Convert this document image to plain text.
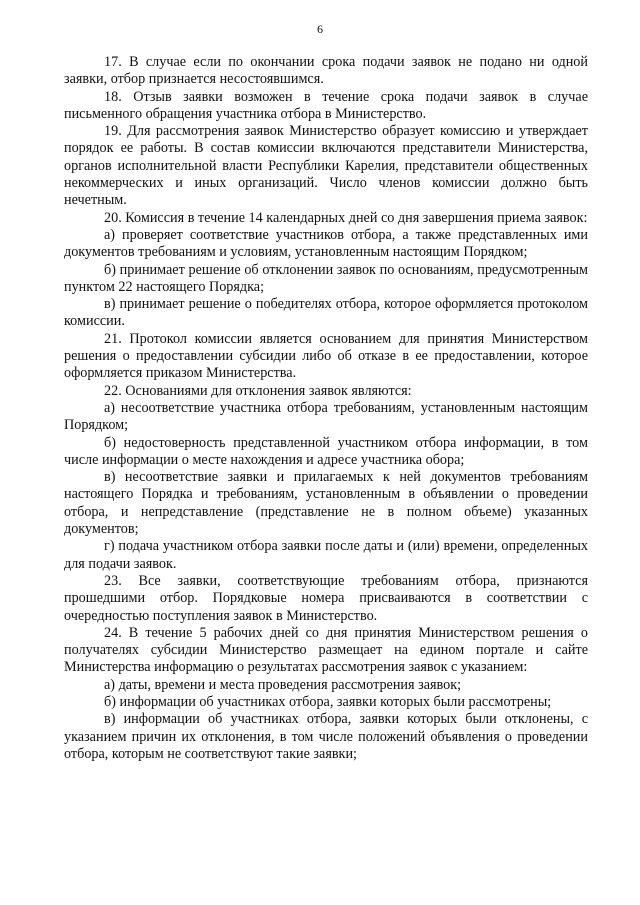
6

17. В случае если по окончании срока подачи заявок не подано ни одной заявки, отбор признается несостоявшимся.

18. Отзыв заявки возможен в течение срока подачи заявок в случае письменного обращения участника отбора в Министерство.

19. Для рассмотрения заявок Министерство образует комиссию и утверждает порядок ее работы. В состав комиссии включаются представители Министерства, органов исполнительной власти Республики Карелия, представители общественных некоммерческих и иных организаций. Число членов комиссии должно быть нечетным.

20. Комиссия в течение 14 календарных дней со дня завершения приема заявок:

а) проверяет соответствие участников отбора, а также представленных ими документов требованиям и условиям, установленным настоящим Порядком;

б) принимает решение об отклонении заявок по основаниям, предусмотренным пунктом 22 настоящего Порядка;

в) принимает решение о победителях отбора, которое оформляется протоколом комиссии.

21. Протокол комиссии является основанием для принятия Министерством решения о предоставлении субсидии либо об отказе в ее предоставлении, которое оформляется приказом Министерства.

22. Основаниями для отклонения заявок являются:

а) несоответствие участника отбора требованиям, установленным настоящим Порядком;

б) недостоверность представленной участником отбора информации, в том числе информации о месте нахождения и адресе участника обора;

в) несоответствие заявки и прилагаемых к ней документов требованиям настоящего Порядка и требованиям, установленным в объявлении о проведении отбора, и непредставление (представление не в полном объеме) указанных документов;

г) подача участником отбора заявки после даты и (или) времени, определенных для подачи заявок.

23. Все заявки, соответствующие требованиям отбора, признаются прошедшими отбор. Порядковые номера присваиваются в соответствии с очередностью поступления заявок в Министерство.

24. В течение 5 рабочих дней со дня принятия Министерством решения о получателях субсидии Министерство размещает на едином портале и сайте Министерства информацию о результатах рассмотрения заявок с указанием:

а) даты, времени и места проведения рассмотрения заявок;

б) информации об участниках отбора, заявки которых были рассмотрены;

в) информации об участниках отбора, заявки которых были отклонены, с указанием причин их отклонения, в том числе положений объявления о проведении отбора, которым не соответствуют такие заявки;
